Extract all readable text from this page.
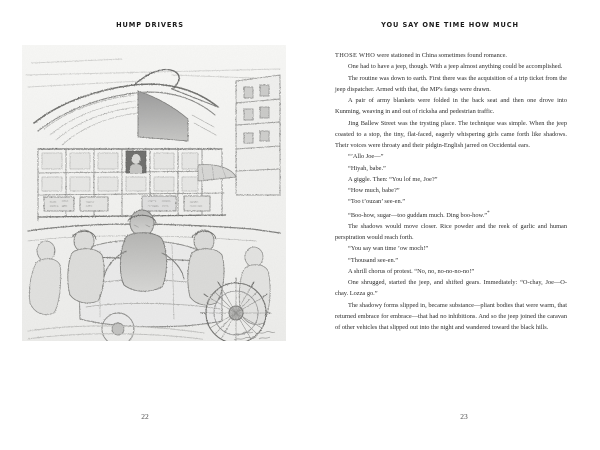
HUMP DRIVERS
22
YOU SAY ONE TIME HOW MUCH

THOSE WHO were stationed in China sometimes found romance.

One had to have a jeep, though. With a jeep almost anything could be accomplished.

The routine was down to earth. First there was the acquisition of a trip ticket from the jeep dispatcher. Armed with that, the MP's fangs were drawn.

A pair of army blankets were folded in the back seat and then one drove into Kunming, weaving in and out of ricksha and pedestrian traffic.

Jing Ballew Street was the trysting place. The technique was simple. When the jeep coasted to a stop, the tiny, flat-faced, eagerly whispering girls came forth like shadows. Their voices were throaty and their pidgin-English jarred on Occidental ears.

“’Allo Joe—”

“Hiyah, babe.”

A giggle. Then: “You lof me, Joe?”

“How much, babe?”

“Too t’ouzan’ see-en.”

“Boo-how, sugar—too guddam much. Ding boo-how.”*

The shadows would move closer. Rice powder and the reek of garlic and human perspiration would reach forth.

“You say wan time ’ow moch!”

“Thousand see-en.”

A shrill chorus of protest. “No, no, no-no-no-no!”

One shrugged, started the jeep, and shifted gears. Immediately: “O-chay, Joe—O-chay. Lozza go.”

The shadowy forms slipped in, became substance—pliant bodies that were warm, that returned embrace for embrace—that had no inhibitions. And so the jeep joined the caravan of other vehicles that slipped out into the night and wandered toward the black hills.

23
